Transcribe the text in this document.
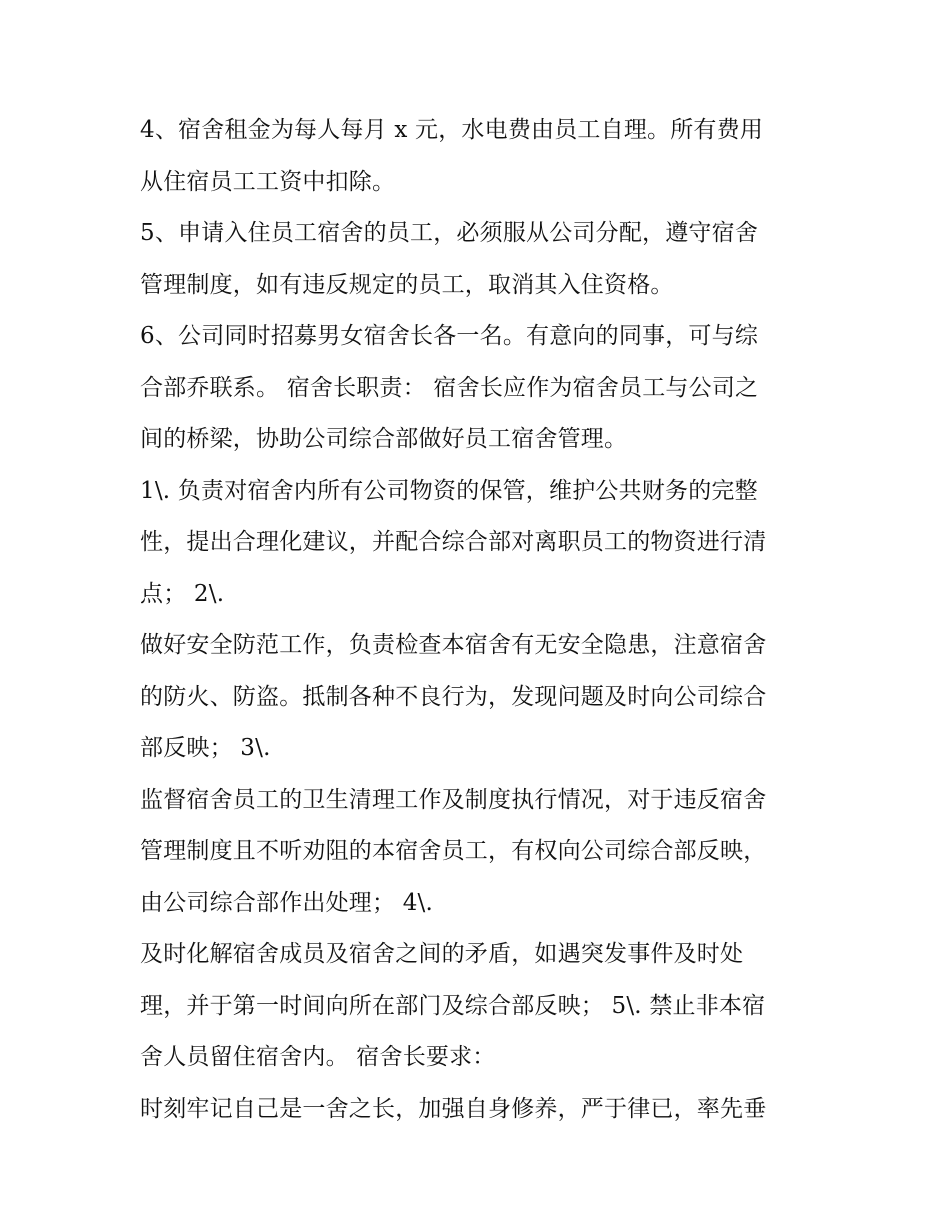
4、宿舍租金为每人每月 x 元，水电费由员工自理。所有费用
从住宿员工工资中扣除。
5、申请入住员工宿舍的员工，必须服从公司分配，遵守宿舍
管理制度，如有违反规定的员工，取消其入住资格。
6、公司同时招募男女宿舍长各一名。有意向的同事，可与综
合部乔联系。 宿舍长职责： 宿舍长应作为宿舍员工与公司之
间的桥梁，协助公司综合部做好员工宿舍管理。
1\. 负责对宿舍内所有公司物资的保管，维护公共财务的完整
性，提出合理化建议，并配合综合部对离职员工的物资进行清
点； 2\.
做好安全防范工作，负责检查本宿舍有无安全隐患，注意宿舍
的防火、防盗。抵制各种不良行为，发现问题及时向公司综合
部反映； 3\.
监督宿舍员工的卫生清理工作及制度执行情况，对于违反宿舍
管理制度且不听劝阻的本宿舍员工，有权向公司综合部反映，
由公司综合部作出处理； 4\.
及时化解宿舍成员及宿舍之间的矛盾，如遇突发事件及时处
理，并于第一时间向所在部门及综合部反映； 5\. 禁止非本宿
舍人员留住宿舍内。 宿舍长要求：
时刻牢记自己是一舍之长，加强自身修养，严于律已，率先垂
